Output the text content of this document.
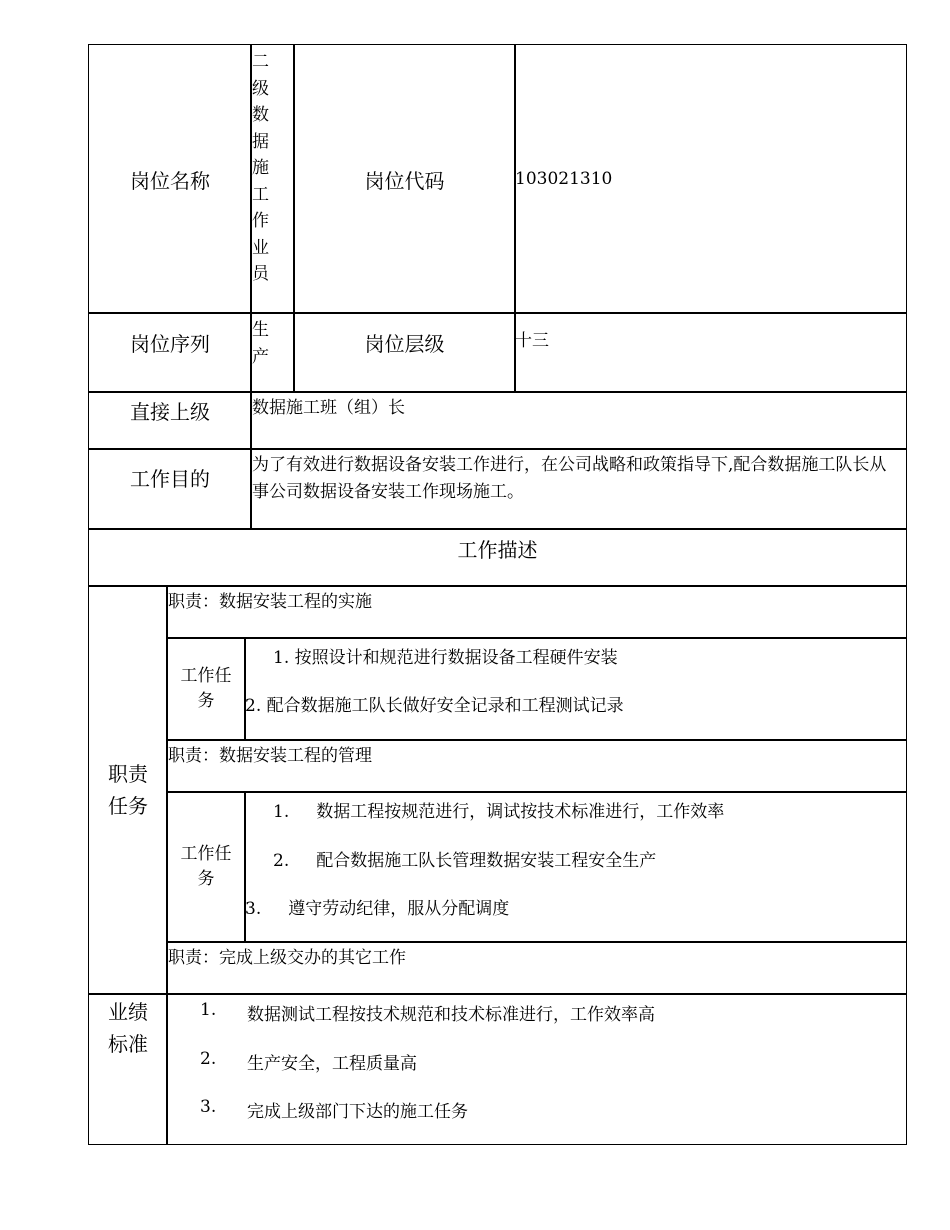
岗位名称
二级数据施工作业员
岗位代码	103021310
岗位序列
生产
岗位层级	十三
直接上级 数据施工班（组）长
工作目的
为了有效进行数据设备安装工作进行，在公司战略和政策指导下,配合数据施工队长从事公司数据设备安装工作现场施工。
工作描述
职责任务
职责：数据安装工程的实施
工作任务
1. 按照设计和规范进行数据设备工程硬件安装
2. 配合数据施工队长做好安全记录和工程测试记录
职责：数据安装工程的管理
工作任务
1.     数据工程按规范进行，调试按技术标准进行，工作效率
2.     配合数据施工队长管理数据安装工程安全生产
3.     遵守劳动纪律，服从分配调度
职责：完成上级交办的其它工作
业绩标准
1. 数据测试工程按技术规范和技术标准进行，工作效率高
2. 生产安全，工程质量高
3. 完成上级部门下达的施工任务
